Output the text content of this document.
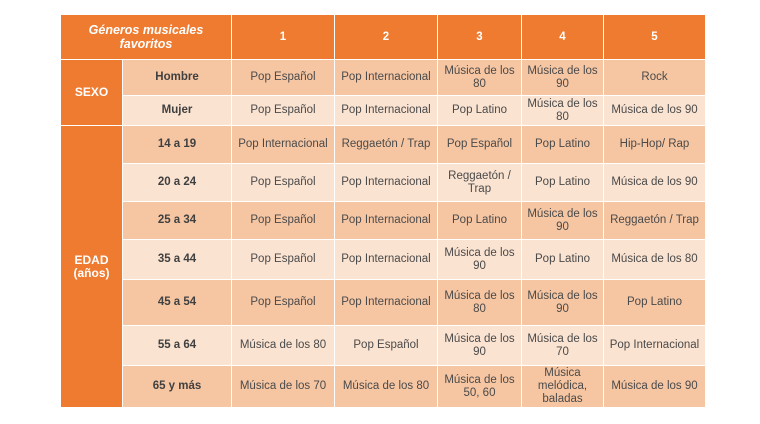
Géneros musicales favoritos		1	2	3	4	5
SEXO	Hombre	Pop Español	Pop Internacional	Música de los 80	Música de los 90	Rock
	Mujer	Pop Español	Pop Internacional	Pop Latino	Música de los 80	Música de los 90
EDAD (años)	14 a 19	Pop Internacional	Reggaetón / Trap	Pop Español	Pop Latino	Hip-Hop/ Rap
	20 a 24	Pop Español	Pop Internacional	Reggaetón / Trap	Pop Latino	Música de los 90
	25 a 34	Pop Español	Pop Internacional	Pop Latino	Música de los 90	Reggaetón / Trap
	35 a 44	Pop Español	Pop Internacional	Música de los 90	Pop Latino	Música de los 80
	45 a 54	Pop Español	Pop Internacional	Música de los 80	Música de los 90	Pop Latino
	55 a 64	Música de los 80	Pop Español	Música de los 90	Música de los 70	Pop Internacional
	65 y más	Música de los 70	Música de los 80	Música de los 50, 60	Música melódica, baladas	Música de los 90
